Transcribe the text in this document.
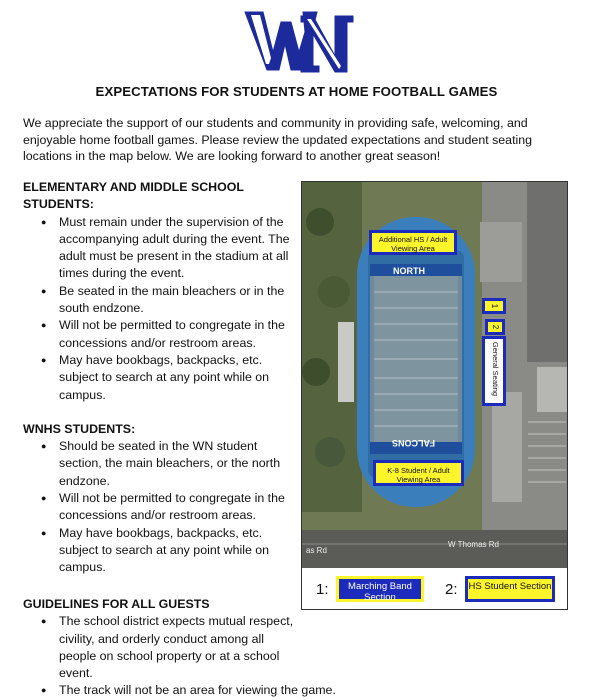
EXPECTATIONS FOR STUDENTS AT HOME FOOTBALL GAMES
We appreciate the support of our students and community in providing safe, welcoming, and enjoyable home football games. Please review the updated expectations and student seating locations in the map below. We are looking forward to another great season!
ELEMENTARY AND MIDDLE SCHOOL STUDENTS:
● Must remain under the supervision of the accompanying adult during the event. The adult must be present in the stadium at all times during the event.
● Be seated in the main bleachers or in the south endzone.
● Will not be permitted to congregate in the concessions and/or restroom areas.
● May have bookbags, backpacks, etc. subject to search at any point while on campus.
WNHS STUDENTS:
● Should be seated in the WN student section, the main bleachers, or the north endzone.
● Will not be permitted to congregate in the concessions and/or restroom areas.
● May have bookbags, backpacks, etc. subject to search at any point while on campus.
GUIDELINES FOR ALL GUESTS
● The school district expects mutual respect, civility, and orderly conduct among all people on school property or at a school event.
● The track will not be an area for viewing the game.
NORTH
FALCONS
Additional HS / Adult Viewing Area
K-8 Student / Adult Viewing Area
1
2
General Seating
W Thomas Rd
as Rd
1:	Marching Band Section	2:	HS Student Section
